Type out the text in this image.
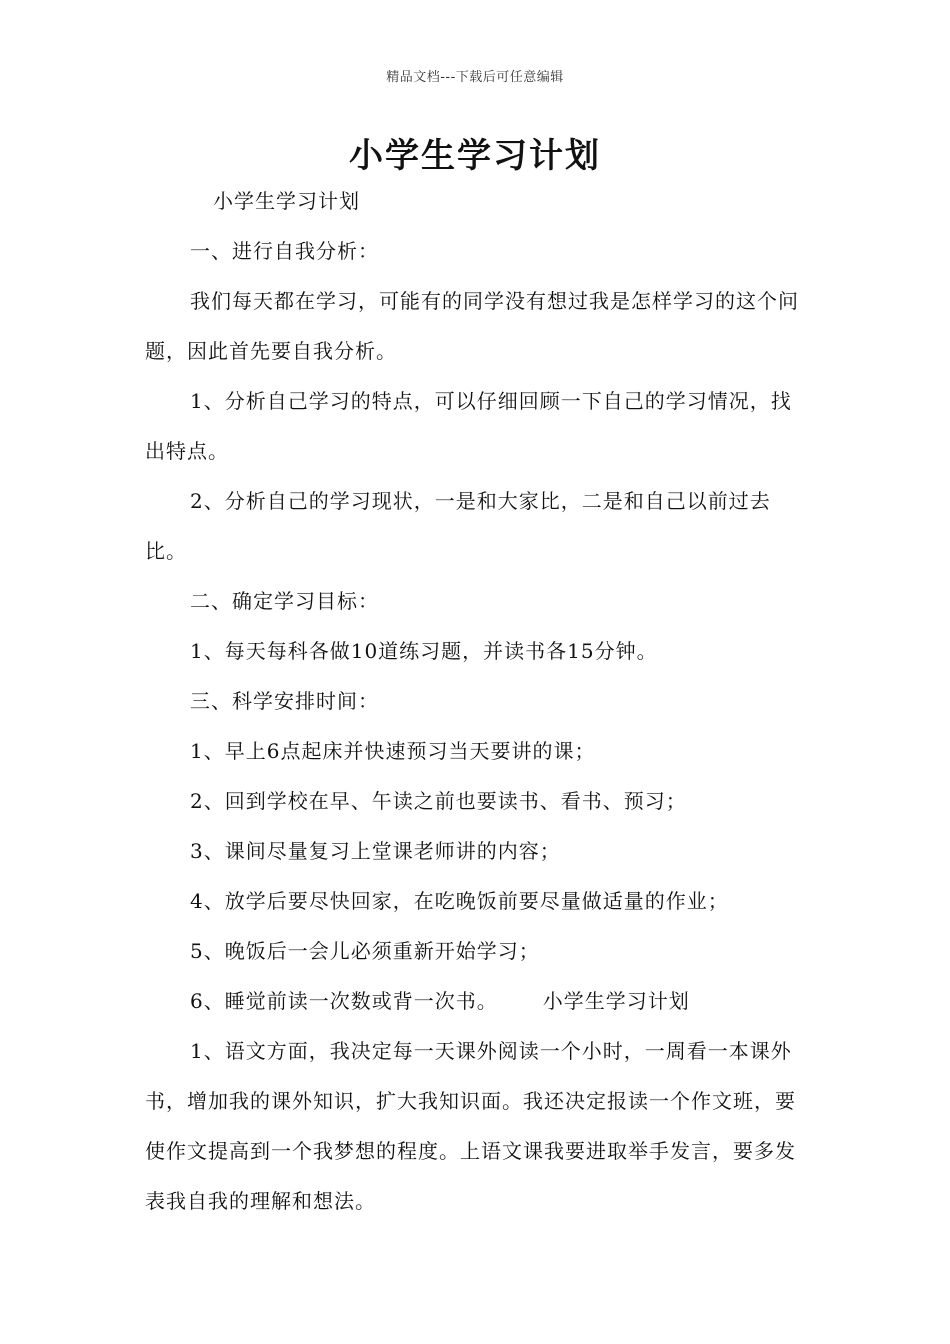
精品文档---下载后可任意编辑
小学生学习计划

小学生学习计划

一、进行自我分析：

我们每天都在学习，可能有的同学没有想过我是怎样学习的这个问题，因此首先要自我分析。

1、分析自己学习的特点，可以仔细回顾一下自己的学习情况，找出特点。

2、分析自己的学习现状，一是和大家比，二是和自己以前过去比。

二、确定学习目标：

1、每天每科各做10道练习题，并读书各15分钟。

三、科学安排时间：

1、早上6点起床并快速预习当天要讲的课；

2、回到学校在早、午读之前也要读书、看书、预习；

3、课间尽量复习上堂课老师讲的内容；

4、放学后要尽快回家，在吃晚饭前要尽量做适量的作业；

5、晚饭后一会儿必须重新开始学习；

6、睡觉前读一次数或背一次书。 小学生学习计划

1、语文方面，我决定每一天课外阅读一个小时，一周看一本课外书，增加我的课外知识，扩大我知识面。我还决定报读一个作文班，要使作文提高到一个我梦想的程度。上语文课我要进取举手发言，要多发表我自我的理解和想法。
